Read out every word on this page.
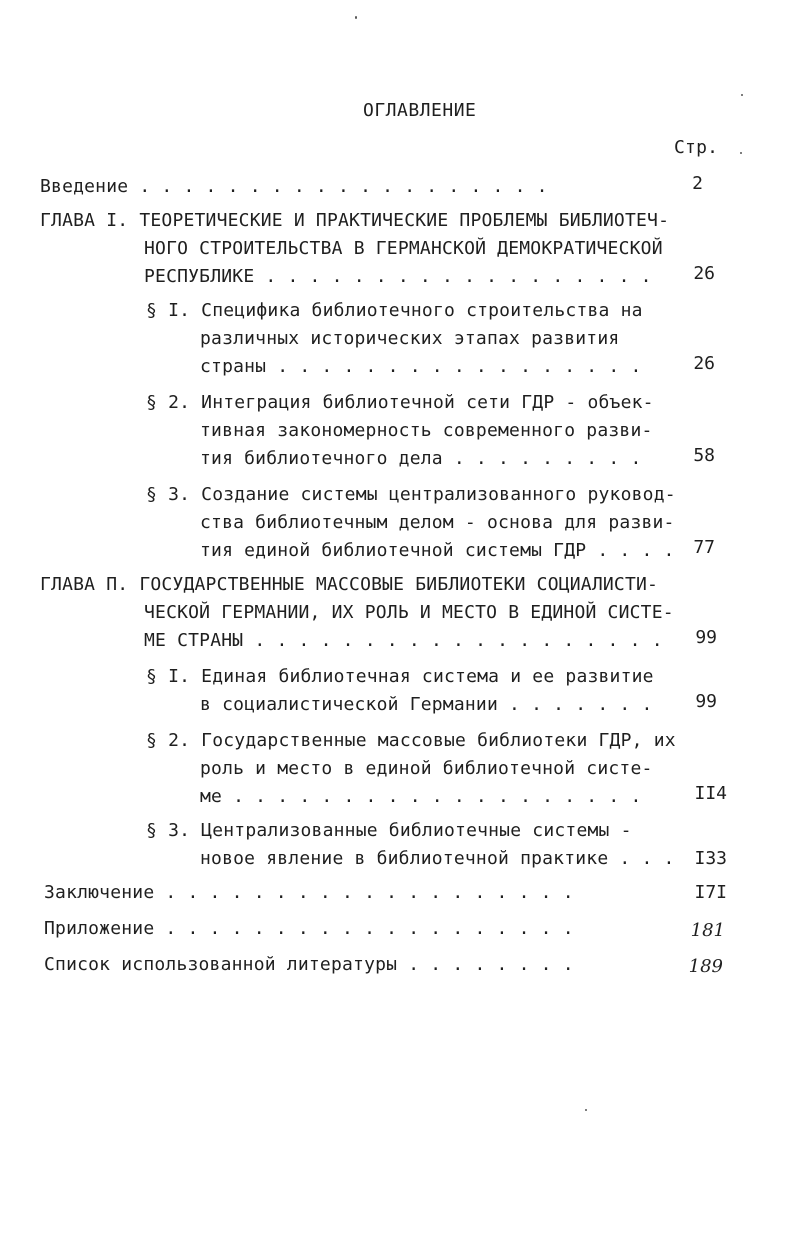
ОГЛАВЛЕНИЕ
Стр.
Введение . . . . . . . . . . . . . . . . . . .	2
ГЛАВА I. ТЕОРЕТИЧЕСКИЕ И ПРАКТИЧЕСКИЕ ПРОБЛЕМЫ БИБЛИОТЕЧ-
НОГО СТРОИТЕЛЬСТВА В ГЕРМАНСКОЙ ДЕМОКРАТИЧЕСКОЙ
РЕСПУБЛИКЕ . . . . . . . . . . . . . . . . . . 26
§ I. Специфика библиотечного строительства на
различных исторических этапах развития
страны . . . . . . . . . . . . . . . . .	26
§ 2. Интеграция библиотечной сети ГДР - объек-
тивная закономерность современного разви-
тия библиотечного дела . . . . . . . . .	58
§ 3. Создание системы централизованного руковод-
ства библиотечным делом - основа для разви-
тия единой библиотечной системы ГДР . . . . 77
ГЛАВА П. ГОСУДАРСТВЕННЫЕ МАССОВЫЕ БИБЛИОТЕКИ СОЦИАЛИСТИ-
ЧЕСКОЙ ГЕРМАНИИ, ИХ РОЛЬ И МЕСТО В ЕДИНОЙ СИСТЕ-
МЕ СТРАНЫ . . . . . . . . . . . . . . . . . . . 99
§ I. Единая библиотечная система и ее развитие
в социалистической Германии . . . . . . . 99
§ 2. Государственные массовые библиотеки ГДР, их
роль и место в единой библиотечной систе-
ме . . . . . . . . . . . . . . . . . . .	II4
§ 3. Централизованные библиотечные системы -
новое явление в библиотечной практике . . . I33
Заключение . . . . . . . . . . . . . . . . . . .	I7I
Приложение . . . . . . . . . . . . . . . . . . .	181
Список использованной литературы . . . . . . . .	189
